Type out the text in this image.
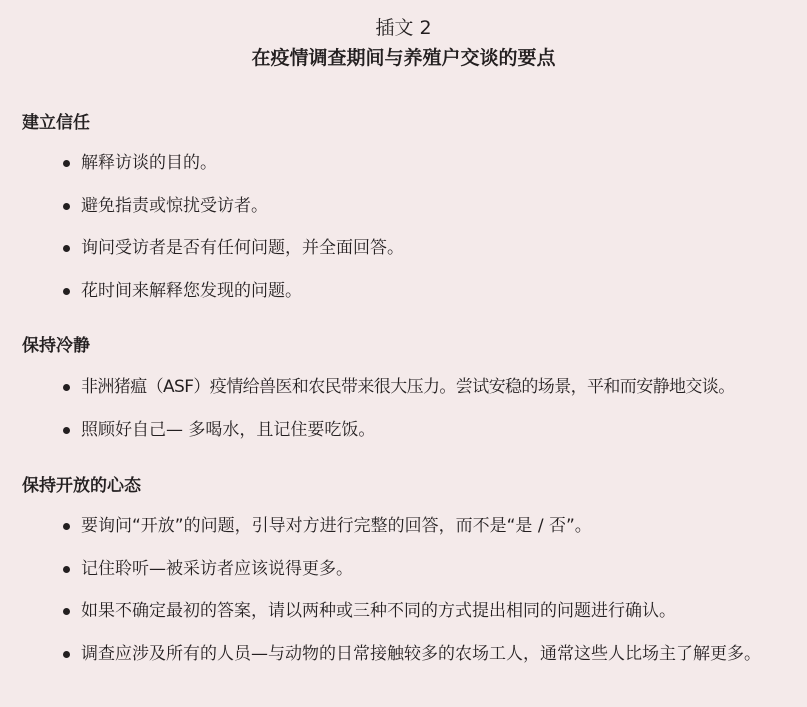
插文 2
在疫情调查期间与养殖户交谈的要点
建立信任
解释访谈的目的。
避免指责或惊扰受访者。
询问受访者是否有任何问题，并全面回答。
花时间来解释您发现的问题。
保持冷静
非洲猪瘟（ASF）疫情给兽医和农民带来很大压力。尝试安稳的场景，平和而安静地交谈。
照顾好自己— 多喝水，且记住要吃饭。
保持开放的心态
要询问“开放”的问题，引导对方进行完整的回答，而不是“是 / 否”。
记住聆听—被采访者应该说得更多。
如果不确定最初的答案，请以两种或三种不同的方式提出相同的问题进行确认。
调查应涉及所有的人员—与动物的日常接触较多的农场工人，通常这些人比场主了解更多。
